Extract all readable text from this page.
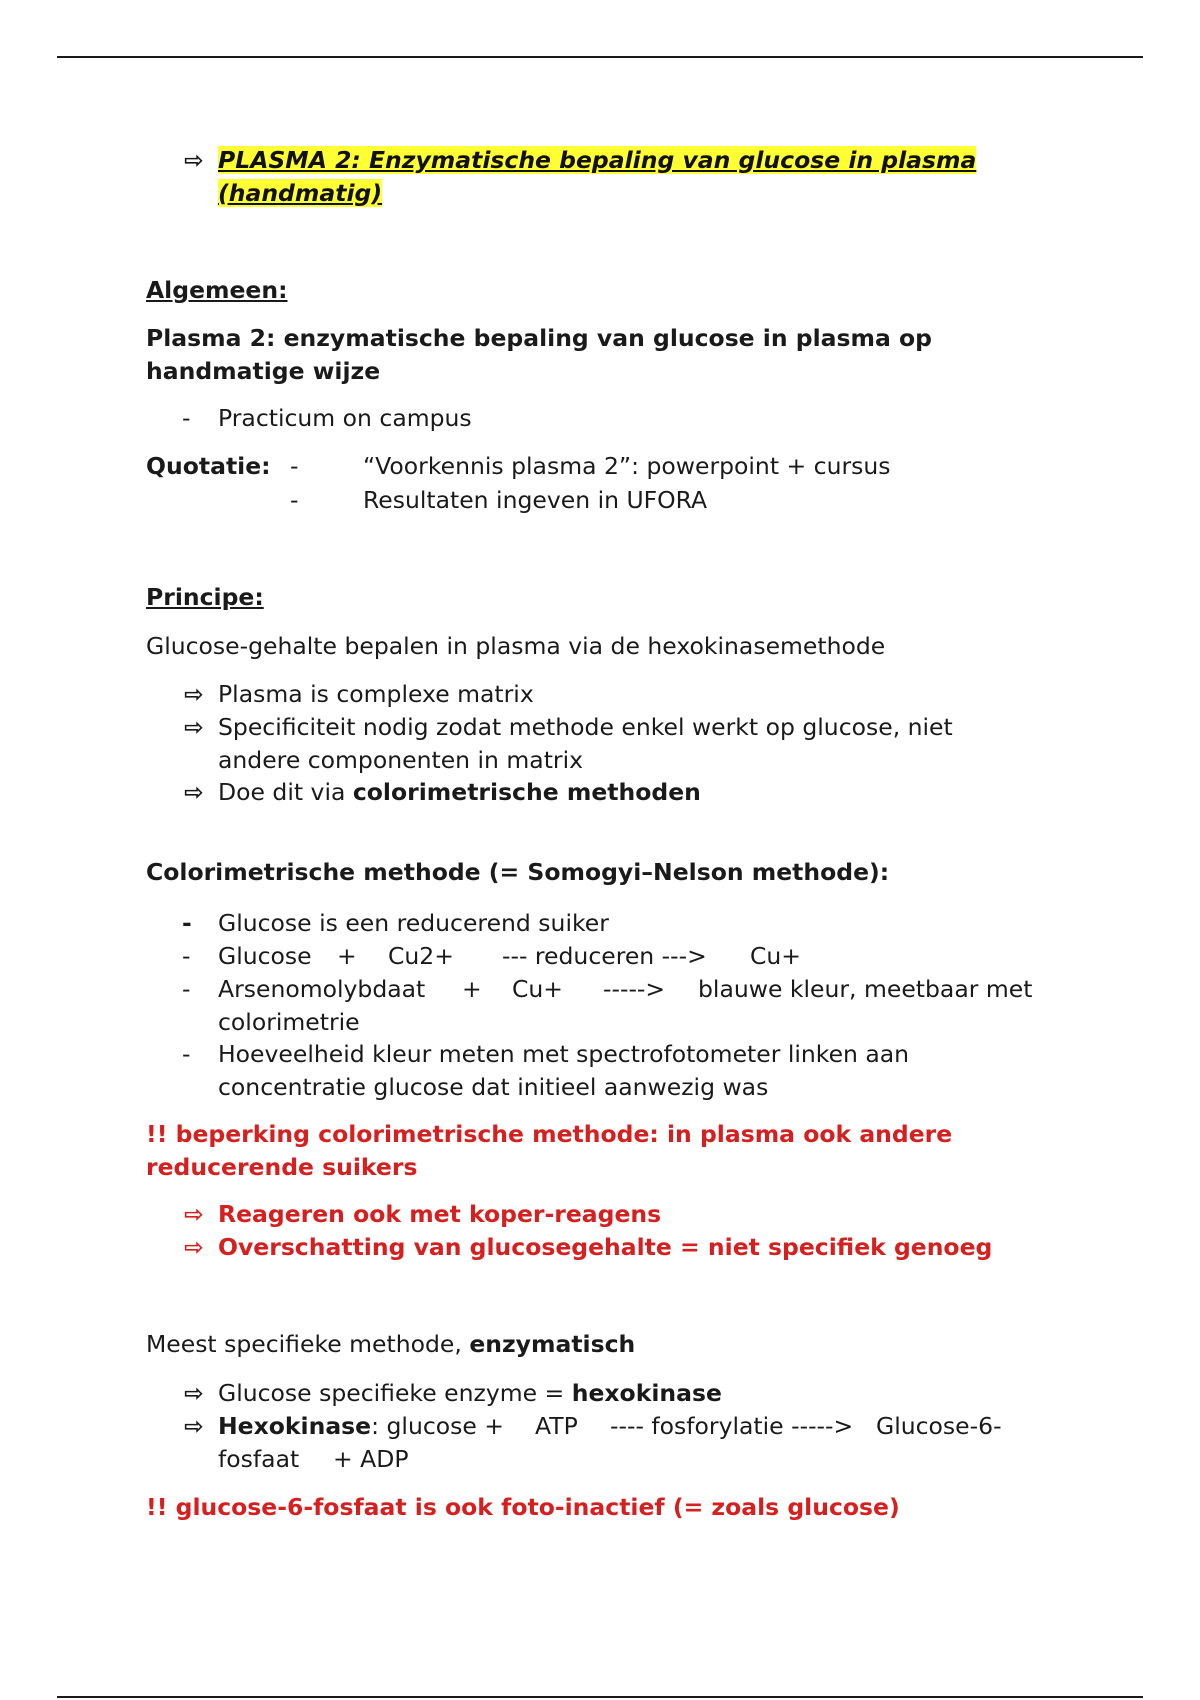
⇨ PLASMA 2: Enzymatische bepaling van glucose in plasma
(handmatig)
Algemeen:
Plasma 2: enzymatische bepaling van glucose in plasma op
handmatige wijze
- Practicum on campus
Quotatie: -	“Voorkennis plasma 2”: powerpoint + cursus
-	Resultaten ingeven in UFORA
Principe:
Glucose-gehalte bepalen in plasma via de hexokinasemethode
⇨ Plasma is complexe matrix
⇨ Specificiteit nodig zodat methode enkel werkt op glucose, niet
andere componenten in matrix
⇨ Doe dit via colorimetrische methoden
Colorimetrische methode (= Somogyi–Nelson methode):
- Glucose is een reducerend suiker
- Glucose + Cu2+ --- reduceren ---> Cu+
- Arsenomolybdaat + Cu+ -----> blauwe kleur, meetbaar met
colorimetrie
- Hoeveelheid kleur meten met spectrofotometer linken aan
concentratie glucose dat initieel aanwezig was
!! beperking colorimetrische methode: in plasma ook andere
reducerende suikers
⇨ Reageren ook met koper-reagens
⇨ Overschatting van glucosegehalte = niet specifiek genoeg
Meest specifieke methode, enzymatisch
⇨ Glucose specifieke enzyme = hexokinase
⇨ Hexokinase: glucose + ATP ---- fosforylatie -----> Glucose-6-
fosfaat + ADP
!! glucose-6-fosfaat is ook foto-inactief (= zoals glucose)
